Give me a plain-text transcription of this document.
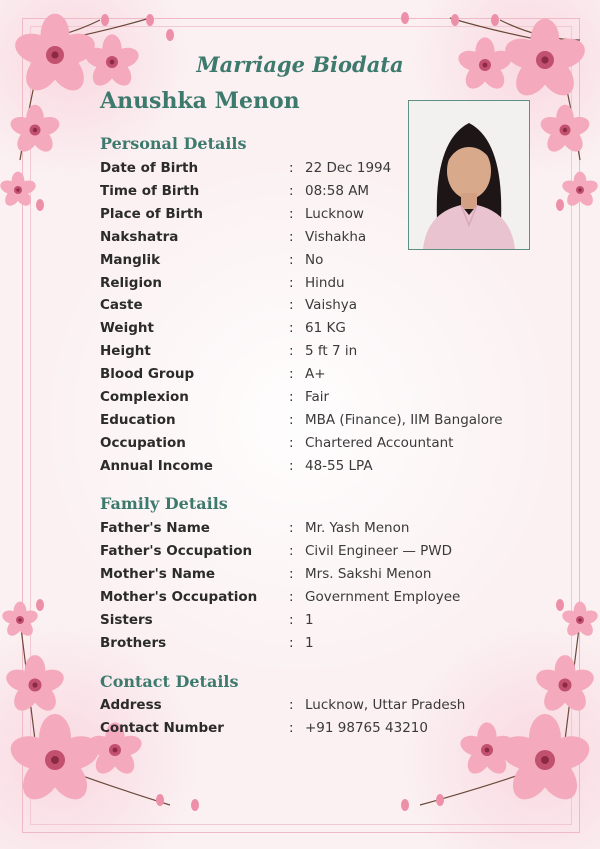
Marriage Biodata
Anushka Menon
Personal Details
Date of Birth	: 22 Dec 1994
Time of Birth	: 08:58 AM
Place of Birth	: Lucknow
Nakshatra	: Vishakha
Manglik	: No
Religion	: Hindu
Caste	: Vaishya
Weight	: 61 KG
Height	: 5 ft 7 in
Blood Group	: A+
Complexion	: Fair
Education	: MBA (Finance), IIM Bangalore
Occupation	: Chartered Accountant
Annual Income	: 48-55 LPA
Family Details
Father's Name	: Mr. Yash Menon
Father's Occupation	: Civil Engineer — PWD
Mother's Name	: Mrs. Sakshi Menon
Mother's Occupation : Government Employee
Sisters	: 1
Brothers	: 1
Contact Details
Address	: Lucknow, Uttar Pradesh
Contact Number	: +91 98765 43210
